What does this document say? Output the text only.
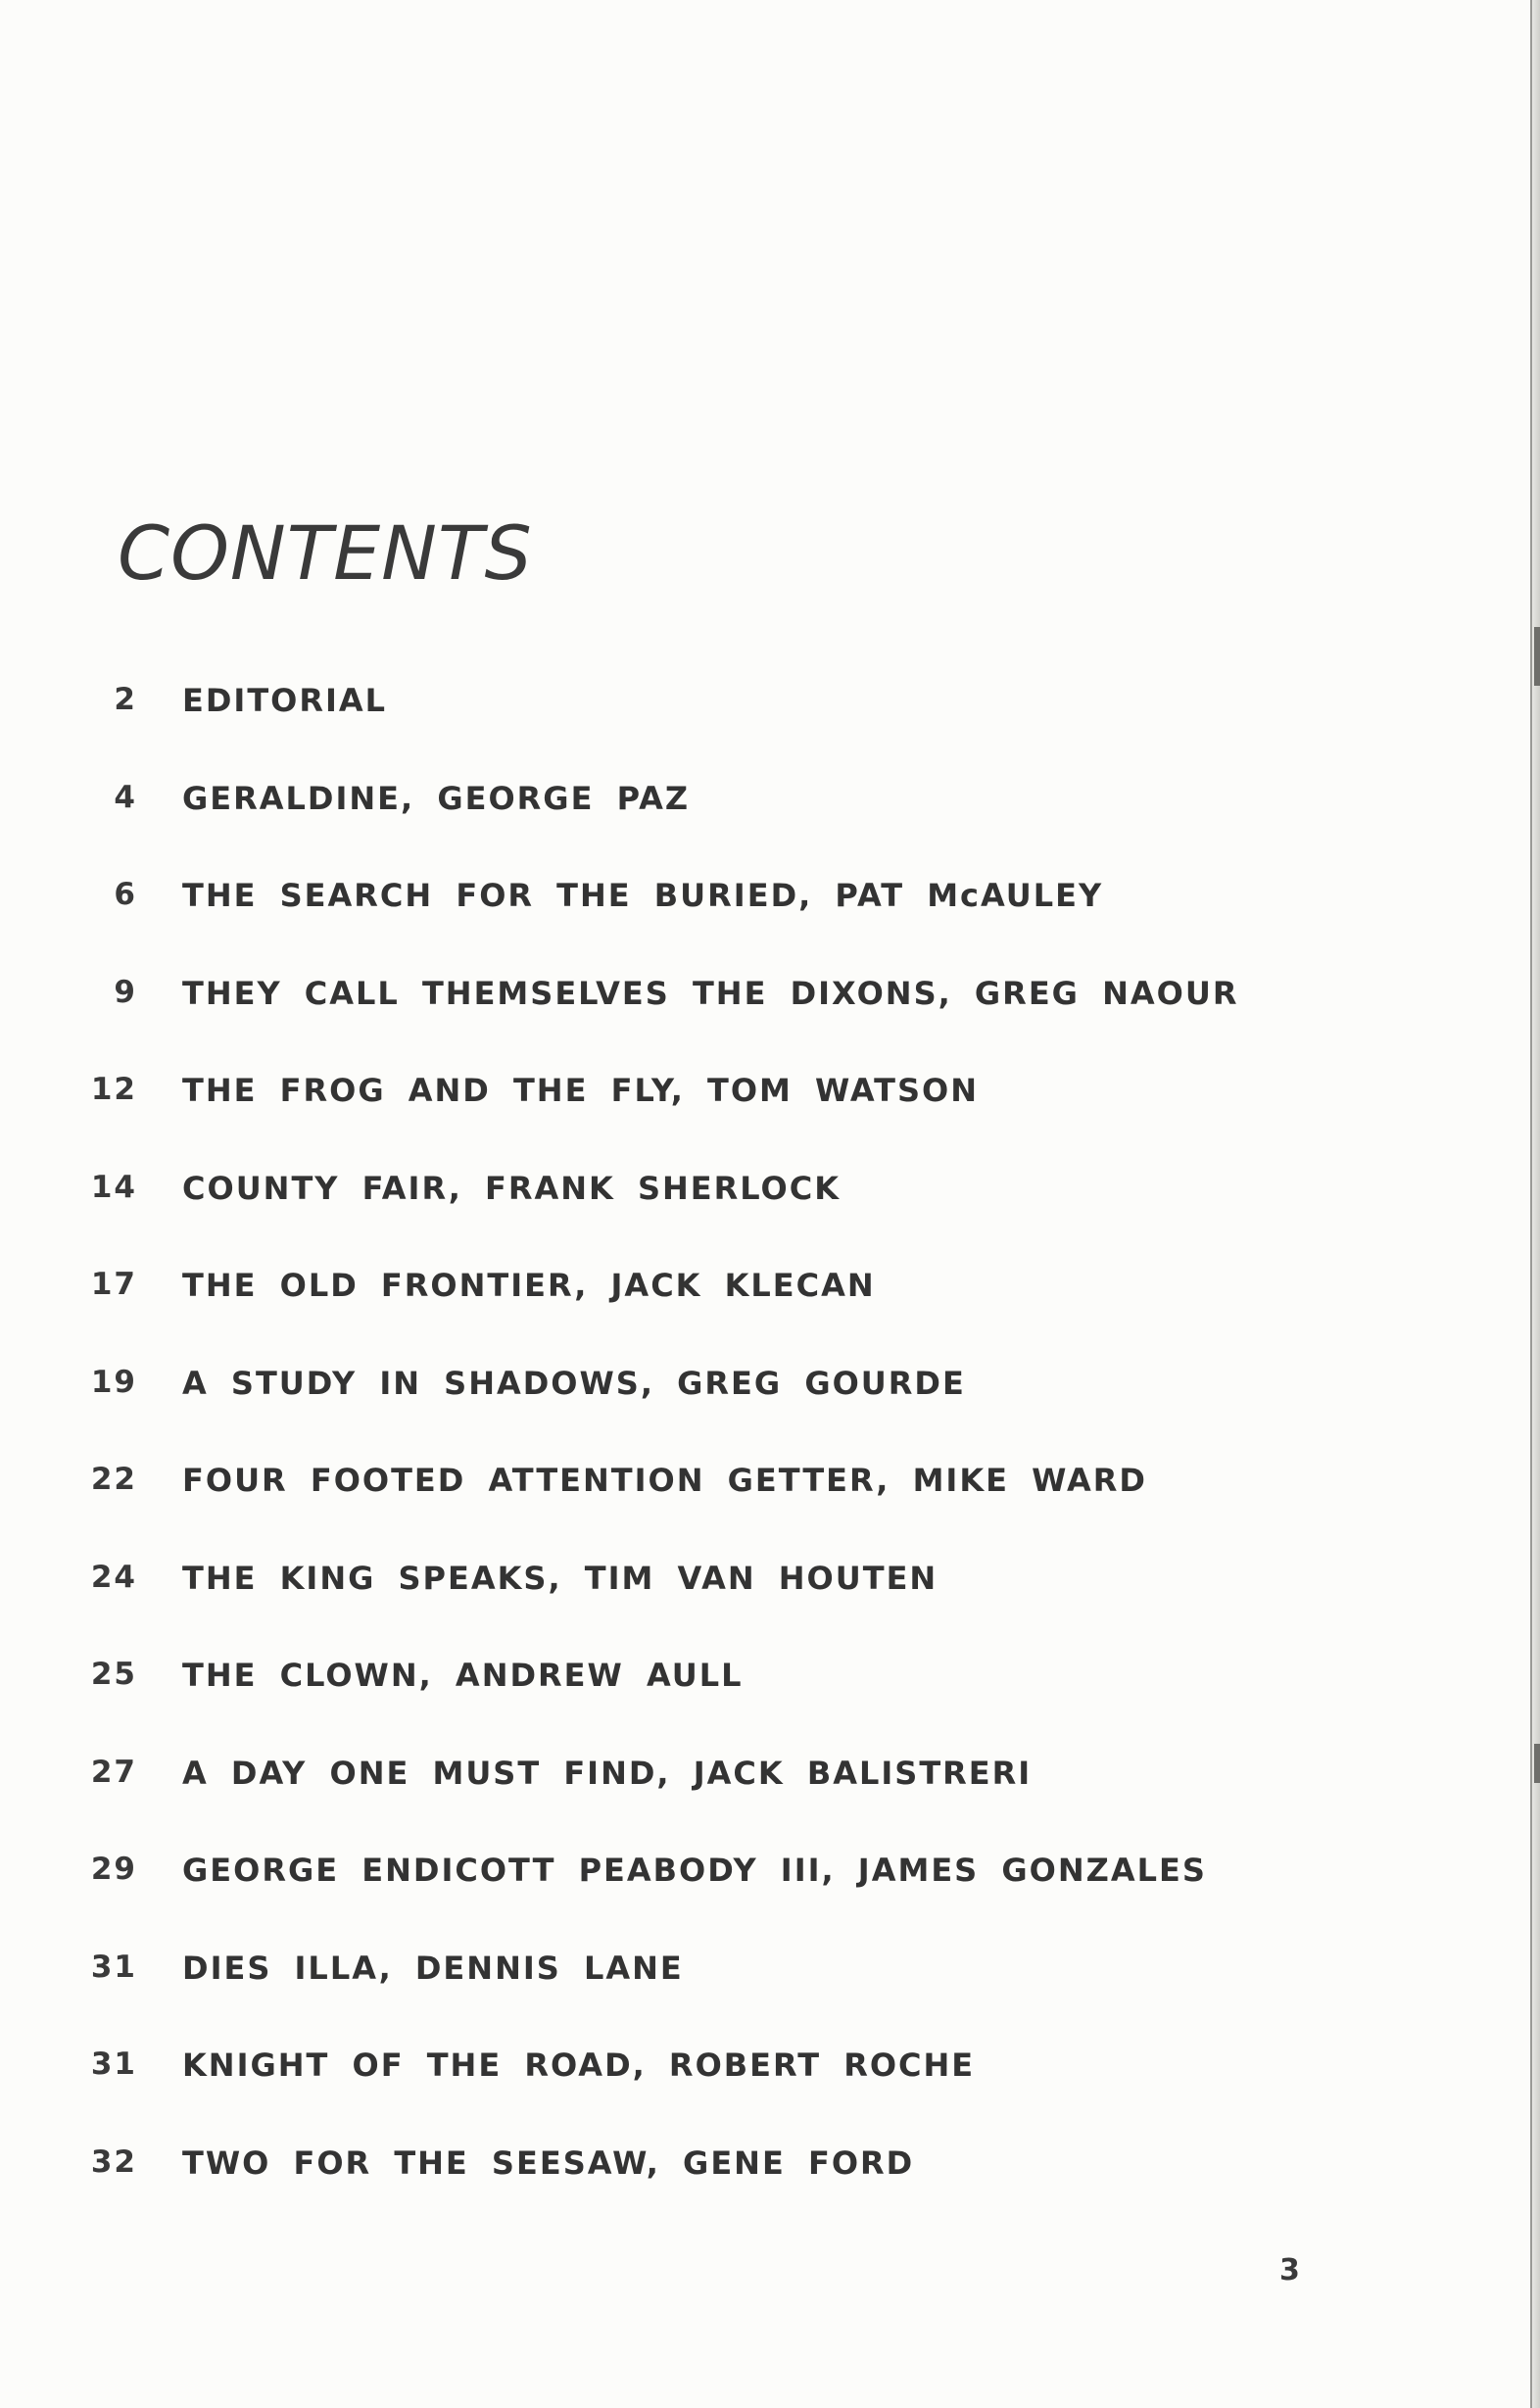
CONTENTS
2 EDITORIAL
4 GERALDINE, GEORGE PAZ
6 THE SEARCH FOR THE BURIED, PAT McAULEY
9 THEY CALL THEMSELVES THE DIXONS, GREG NAOUR
12 THE FROG AND THE FLY, TOM WATSON
14 COUNTY FAIR, FRANK SHERLOCK
17 THE OLD FRONTIER, JACK KLECAN
19 A STUDY IN SHADOWS, GREG GOURDE
22 FOUR FOOTED ATTENTION GETTER, MIKE WARD
24 THE KING SPEAKS, TIM VAN HOUTEN
25 THE CLOWN, ANDREW AULL
27 A DAY ONE MUST FIND, JACK BALISTRERI
29 GEORGE ENDICOTT PEABODY III, JAMES GONZALES
31 DIES ILLA, DENNIS LANE
31 KNIGHT OF THE ROAD, ROBERT ROCHE
32 TWO FOR THE SEESAW, GENE FORD
3
